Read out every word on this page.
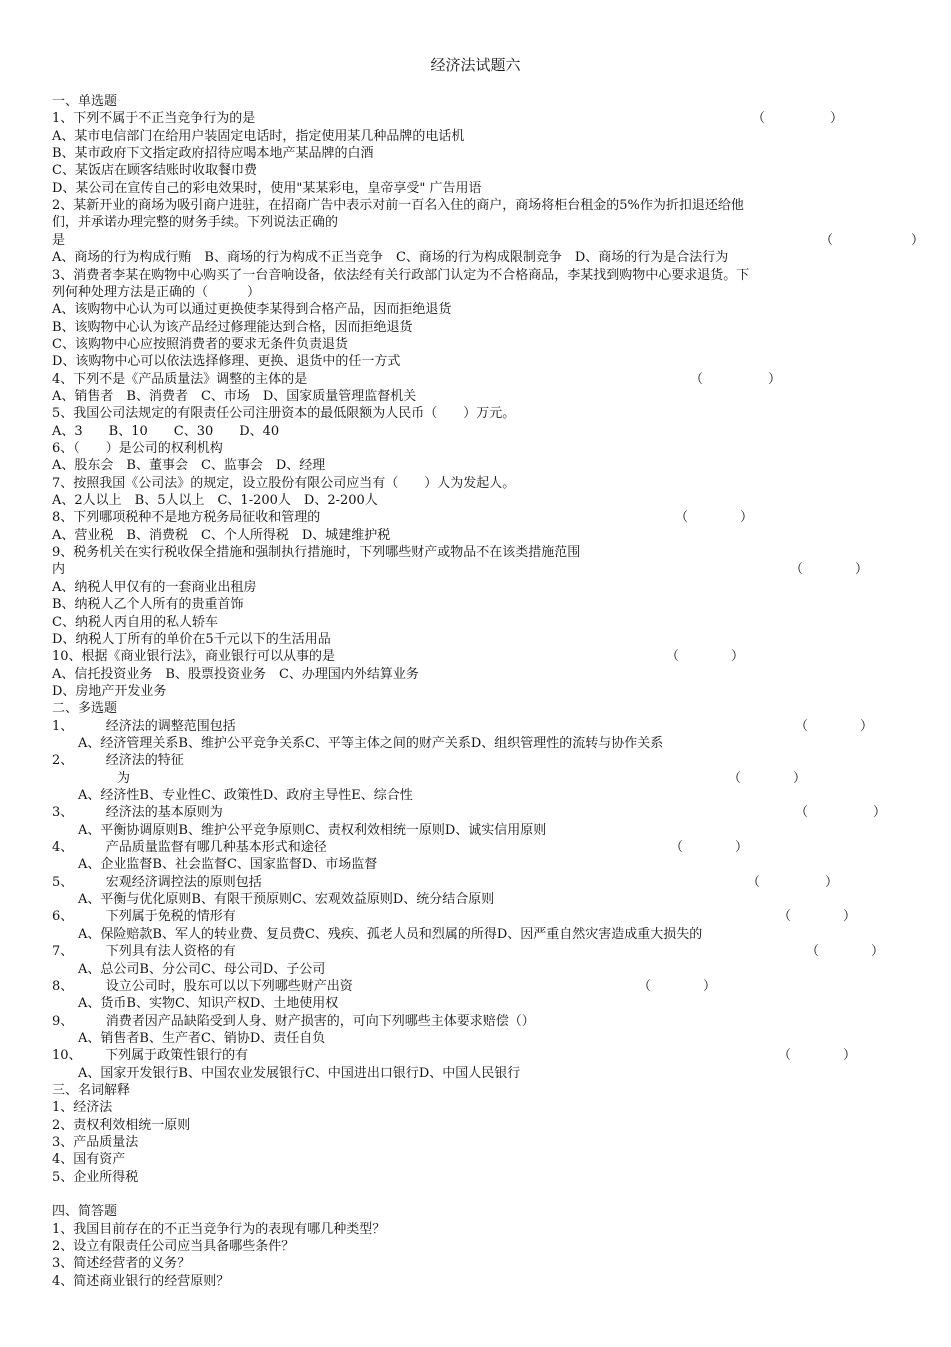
经济法试题六
一、单选题
1、下列不属于不正当竞争行为的是
A、某市电信部门在给用户装固定电话时，指定使用某几种品牌的电话机
B、某市政府下文指定政府招待应喝本地产某品牌的白酒
C、某饭店在顾客结账时收取餐巾费
D、某公司在宣传自己的彩电效果时，使用"某某彩电，皇帝享受" 广告用语
2、某新开业的商场为吸引商户进驻，在招商广告中表示对前一百名入住的商户，商场将柜台租金的5%作为折扣退还给他
们，并承诺办理完整的财务手续。下列说法正确的
是
A、商场的行为构成行贿　B、商场的行为构成不正当竞争　C、商场的行为构成限制竞争　D、商场的行为是合法行为
3、消费者李某在购物中心购买了一台音响设备，依法经有关行政部门认定为不合格商品，李某找到购物中心要求退货。下
列何种处理方法是正确的（　　　）
A、该购物中心认为可以通过更换使李某得到合格产品，因而拒绝退货
B、该购物中心认为该产品经过修理能达到合格，因而拒绝退货
C、该购物中心应按照消费者的要求无条件负责退货
D、该购物中心可以依法选择修理、更换、退货中的任一方式
4、下列不是《产品质量法》调整的主体的是
A、销售者　B、消费者　C、市场　D、国家质量管理监督机关
5、我国公司法规定的有限责任公司注册资本的最低限额为人民币（　　）万元。
A、3　　B、10　　C、30　　D、40
6、（　　）是公司的权利机构
A、股东会　B、董事会　C、监事会　D、经理
7、按照我国《公司法》的规定，设立股份有限公司应当有（　　）人为发起人。
A、2人以上　B、5人以上　C、1-200人　D、2-200人
8、下列哪项税种不是地方税务局征收和管理的
A、营业税　B、消费税　C、个人所得税　D、城建维护税
9、税务机关在实行税收保全措施和强制执行措施时，下列哪些财产或物品不在该类措施范围
内
A、纳税人甲仅有的一套商业出租房
B、纳税人乙个人所有的贵重首饰
C、纳税人丙自用的私人轿车
D、纳税人丁所有的单价在5千元以下的生活用品
10、根据《商业银行法》，商业银行可以从事的是
A、信托投资业务　B、股票投资业务　C、办理国内外结算业务
D、房地产开发业务
二、多选题
1、　　　经济法的调整范围包括
　　A、经济管理关系B、维护公平竞争关系C、平等主体之间的财产关系D、组织管理性的流转与协作关系
2、　　　经济法的特征
　　　　　为
　　A、经济性B、专业性C、政策性D、政府主导性E、综合性
3、　　　经济法的基本原则为
　　A、平衡协调原则B、维护公平竞争原则C、责权利效相统一原则D、诚实信用原则
4、　　　产品质量监督有哪几种基本形式和途径
　　A、企业监督B、社会监督C、国家监督D、市场监督
5、　　　宏观经济调控法的原则包括
　　A、平衡与优化原则B、有限干预原则C、宏观效益原则D、统分结合原则
6、　　　下列属于免税的情形有
　　A、保险赔款B、军人的转业费、复员费C、残疾、孤老人员和烈属的所得D、因严重自然灾害造成重大损失的
7、　　　下列具有法人资格的有
　　A、总公司B、分公司C、母公司D、子公司
8、　　　设立公司时，股东可以以下列哪些财产出资
　　A、货币B、实物C、知识产权D、土地使用权
9、　　　消费者因产品缺陷受到人身、财产损害的，可向下列哪些主体要求赔偿（）
　　A、销售者B、生产者C、销协D、责任自负
10、　　 下列属于政策性银行的有
　　A、国家开发银行B、中国农业发展银行C、中国进出口银行D、中国人民银行
三、名词解释
1、经济法
2、责权利效相统一原则
3、产品质量法
4、国有资产
5、企业所得税
四、简答题
1、我国目前存在的不正当竞争行为的表现有哪几种类型？
2、设立有限责任公司应当具备哪些条件？
3、简述经营者的义务？
4、简述商业银行的经营原则？
（　　　　　）
（　　　　　　）
（　　　　　）
（　　　　）
（　　　　）
（　　　　）
（　　　　）
（　　　　）
（　　　　　）
（　　　　）
（　　　　　）
（　　　　）
（　　　　）
（　　　　）
（　　　　）
